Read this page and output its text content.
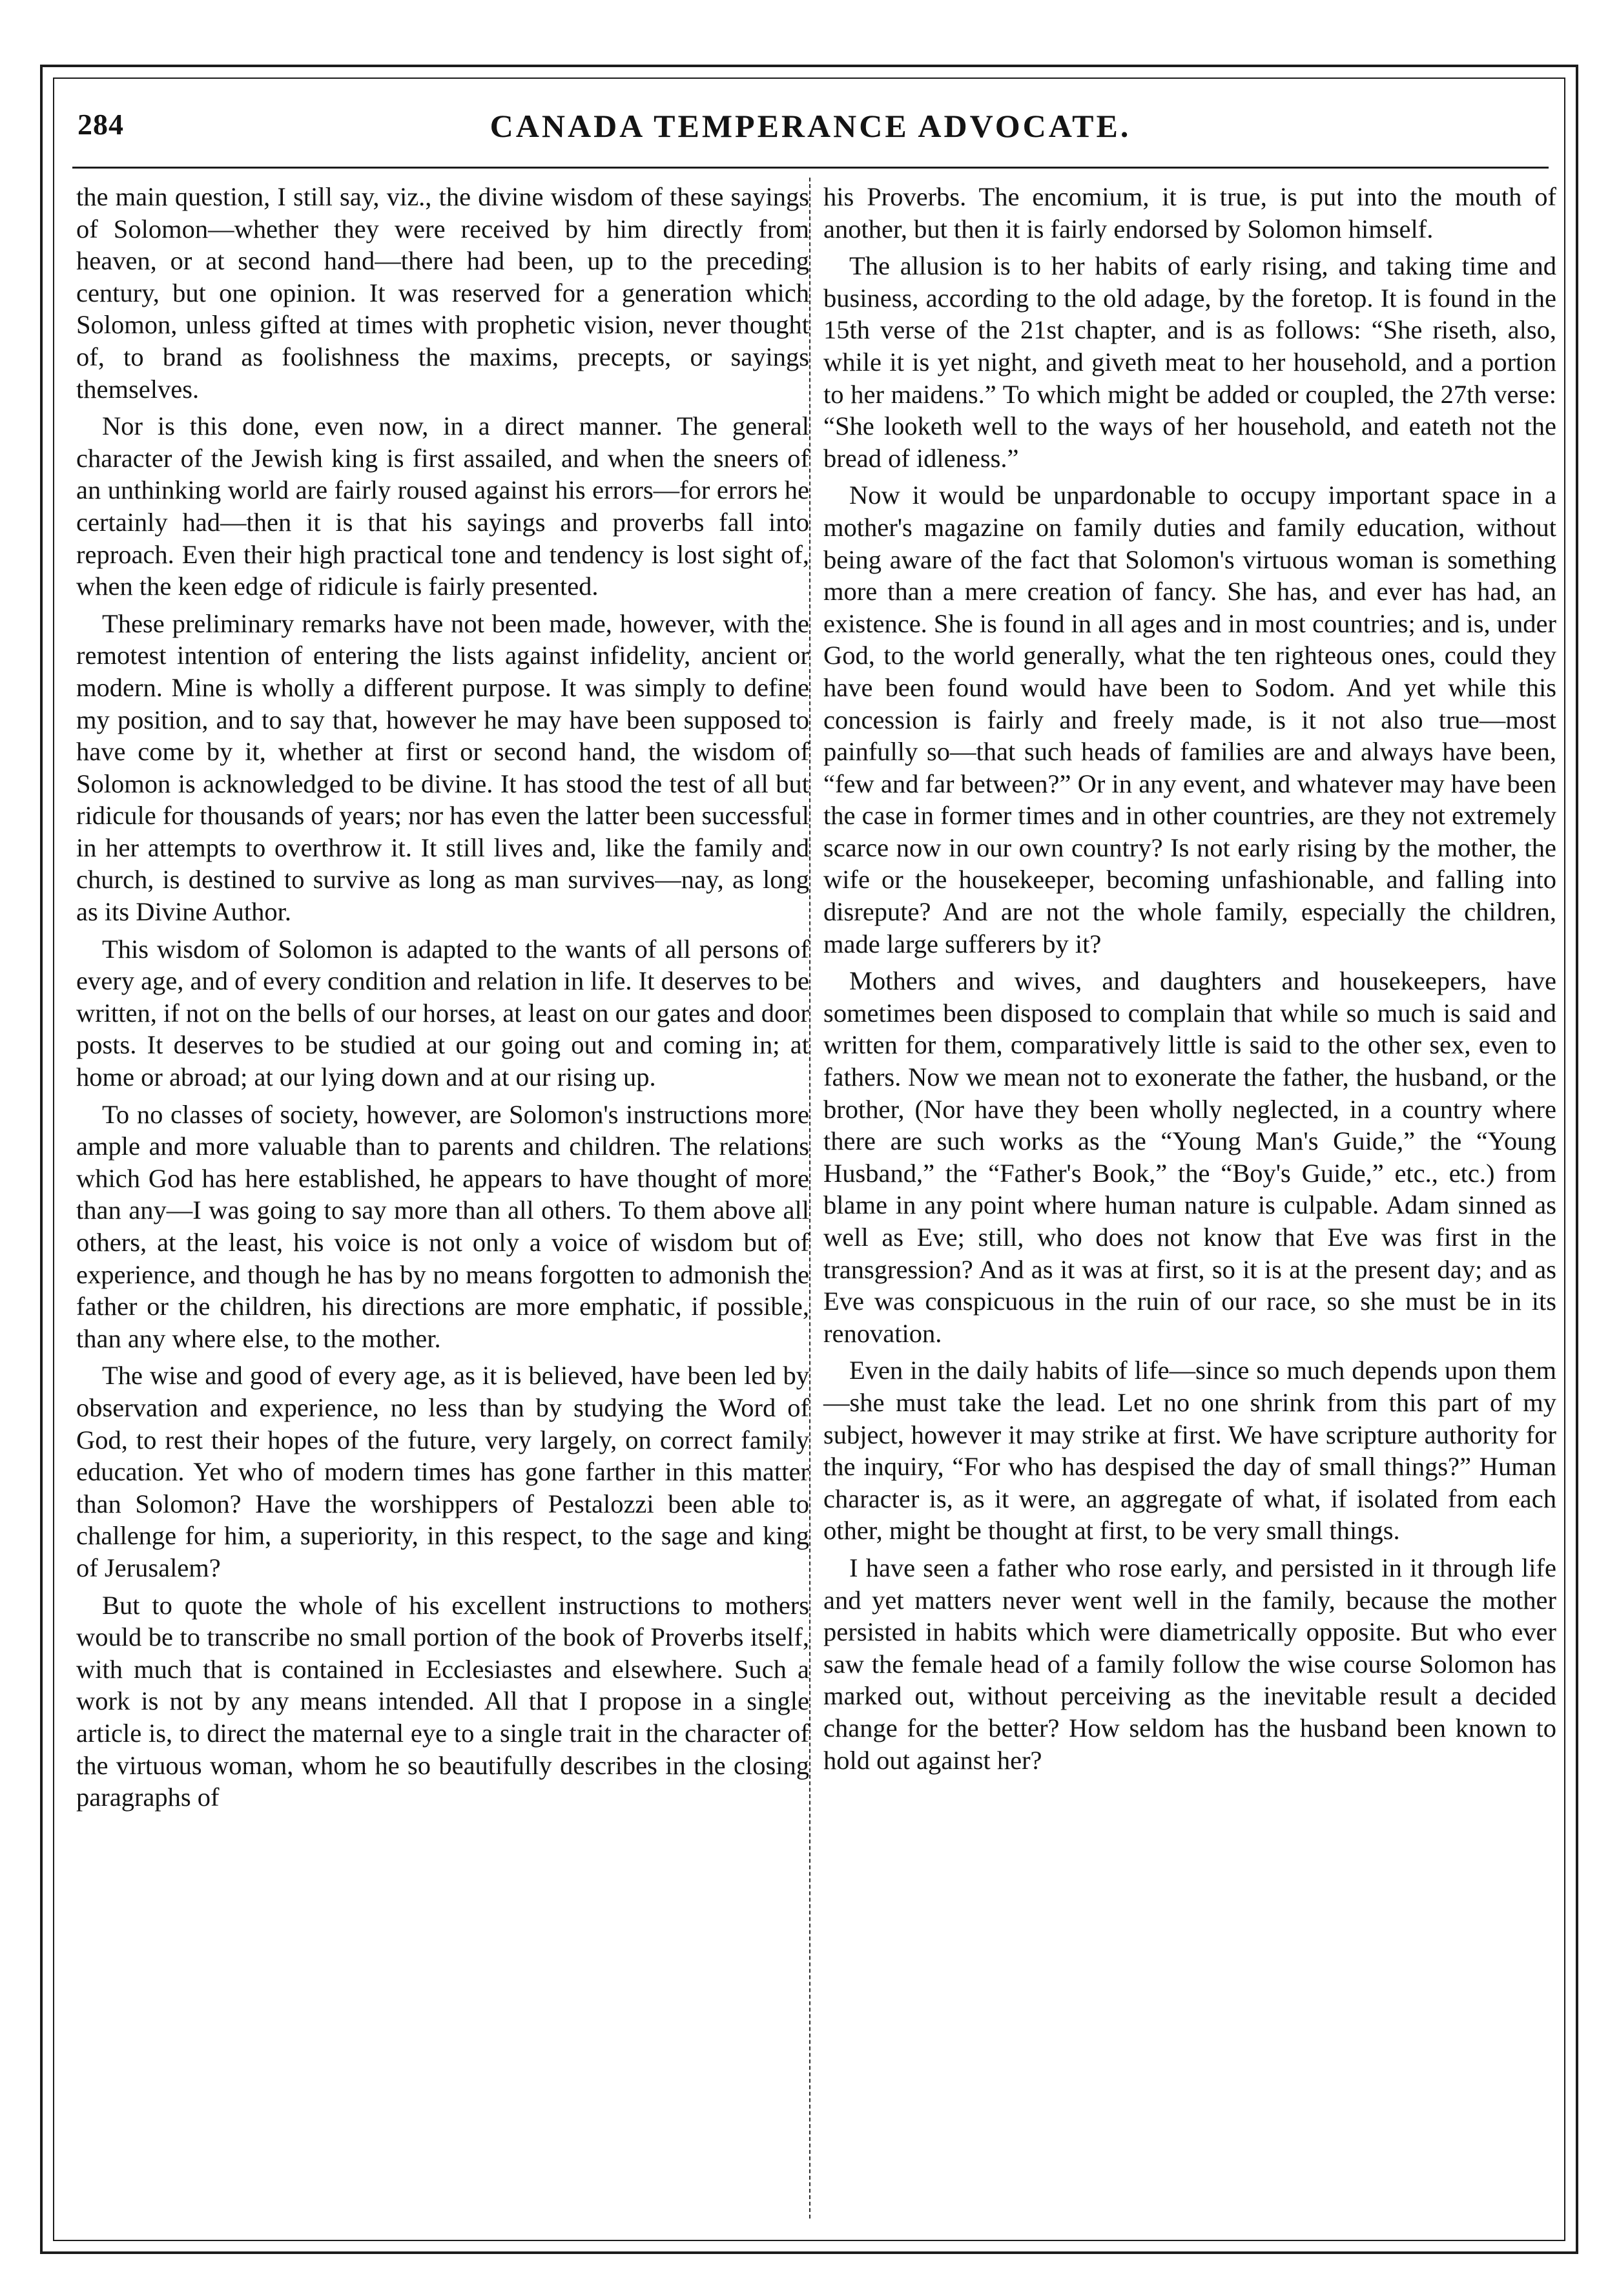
284	CANADA TEMPERANCE ADVOCATE.

the main question, I still say, viz., the divine wisdom of these sayings of Solomon—whether they were received by him directly from heaven, or at second hand—there had been, up to the preceding century, but one opinion. It was reserved for a generation which Solomon, unless gifted at times with prophetic vision, never thought of, to brand as foolishness the maxims, precepts, or sayings themselves.

Nor is this done, even now, in a direct manner. The general character of the Jewish king is first assailed, and when the sneers of an unthinking world are fairly roused against his errors—for errors he certainly had—then it is that his sayings and proverbs fall into reproach. Even their high practical tone and tendency is lost sight of, when the keen edge of ridicule is fairly presented.

These preliminary remarks have not been made, however, with the remotest intention of entering the lists against infidelity, ancient or modern. Mine is wholly a different purpose. It was simply to define my position, and to say that, however he may have been supposed to have come by it, whether at first or second hand, the wisdom of Solomon is acknowledged to be divine. It has stood the test of all but ridicule for thousands of years; nor has even the latter been successful in her attempts to overthrow it. It still lives and, like the family and church, is destined to survive as long as man survives—nay, as long as its Divine Author.

This wisdom of Solomon is adapted to the wants of all persons of every age, and of every condition and relation in life. It deserves to be written, if not on the bells of our horses, at least on our gates and door posts. It deserves to be studied at our going out and coming in; at home or abroad; at our lying down and at our rising up.

To no classes of society, however, are Solomon's instructions more ample and more valuable than to parents and children. The relations which God has here established, he appears to have thought of more than any—I was going to say more than all others. To them above all others, at the least, his voice is not only a voice of wisdom but of experience, and though he has by no means forgotten to admonish the father or the children, his directions are more emphatic, if possible, than any where else, to the mother.

The wise and good of every age, as it is believed, have been led by observation and experience, no less than by studying the Word of God, to rest their hopes of the future, very largely, on correct family education. Yet who of modern times has gone farther in this matter than Solomon? Have the worshippers of Pestalozzi been able to challenge for him, a superiority, in this respect, to the sage and king of Jerusalem?

But to quote the whole of his excellent instructions to mothers would be to transcribe no small portion of the book of Proverbs itself, with much that is contained in Ecclesiastes and elsewhere. Such a work is not by any means intended. All that I propose in a single article is, to direct the maternal eye to a single trait in the character of the virtuous woman, whom he so beautifully describes in the closing paragraphs of

his Proverbs. The encomium, it is true, is put into the mouth of another, but then it is fairly endorsed by Solomon himself.

The allusion is to her habits of early rising, and taking time and business, according to the old adage, by the foretop. It is found in the 15th verse of the 21st chapter, and is as follows: “She riseth, also, while it is yet night, and giveth meat to her household, and a portion to her maidens.” To which might be added or coupled, the 27th verse: “She looketh well to the ways of her household, and eateth not the bread of idleness.”

Now it would be unpardonable to occupy important space in a mother's magazine on family duties and family education, without being aware of the fact that Solomon's virtuous woman is something more than a mere creation of fancy. She has, and ever has had, an existence. She is found in all ages and in most countries; and is, under God, to the world generally, what the ten righteous ones, could they have been found would have been to Sodom. And yet while this concession is fairly and freely made, is it not also true—most painfully so—that such heads of families are and always have been, “few and far between?” Or in any event, and whatever may have been the case in former times and in other countries, are they not extremely scarce now in our own country? Is not early rising by the mother, the wife or the housekeeper, becoming unfashionable, and falling into disrepute? And are not the whole family, especially the children, made large sufferers by it?

Mothers and wives, and daughters and housekeepers, have sometimes been disposed to complain that while so much is said and written for them, comparatively little is said to the other sex, even to fathers. Now we mean not to exonerate the father, the husband, or the brother, (Nor have they been wholly neglected, in a country where there are such works as the “Young Man's Guide,” the “Young Husband,” the “Father's Book,” the “Boy's Guide,” etc., etc.) from blame in any point where human nature is culpable. Adam sinned as well as Eve; still, who does not know that Eve was first in the transgression? And as it was at first, so it is at the present day; and as Eve was conspicuous in the ruin of our race, so she must be in its renovation.

Even in the daily habits of life—since so much depends upon them—she must take the lead. Let no one shrink from this part of my subject, however it may strike at first. We have scripture authority for the inquiry, “For who has despised the day of small things?” Human character is, as it were, an aggregate of what, if isolated from each other, might be thought at first, to be very small things.

I have seen a father who rose early, and persisted in it through life and yet matters never went well in the family, because the mother persisted in habits which were diametrically opposite. But who ever saw the female head of a family follow the wise course Solomon has marked out, without perceiving as the inevitable result a decided change for the better? How seldom has the husband been known to hold out against her?
